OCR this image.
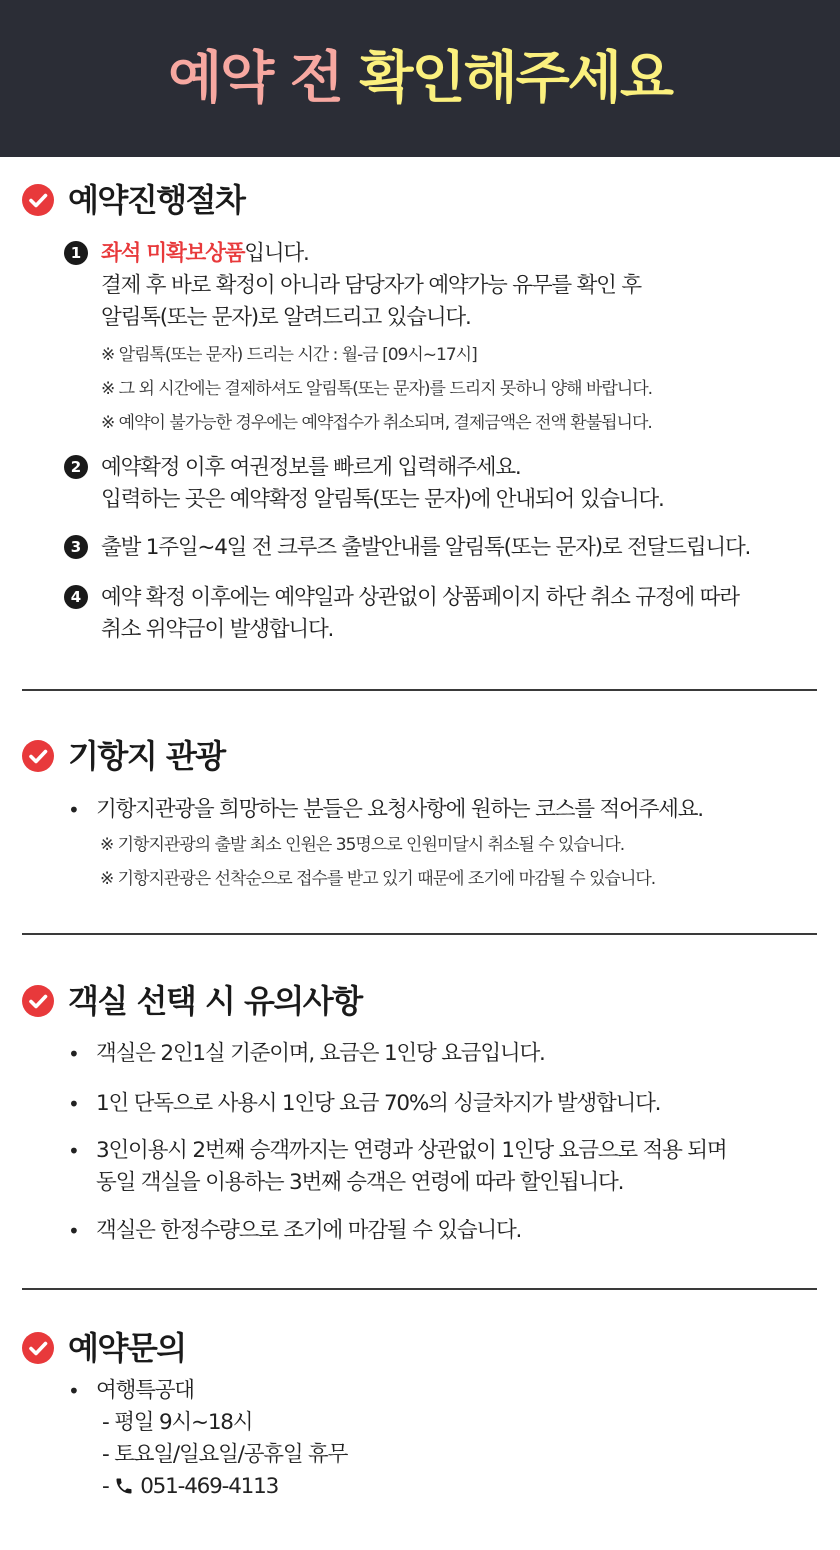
예약 전 확인해주세요
예약진행절차
1 좌석 미확보상품입니다.
결제 후 바로 확정이 아니라 담당자가 예약가능 유무를 확인 후
알림톡(또는 문자)로 알려드리고 있습니다.
※ 알림톡(또는 문자) 드리는 시간 : 월-금 [09시~17시]
※ 그 외 시간에는 결제하셔도 알림톡(또는 문자)를 드리지 못하니 양해 바랍니다.
※ 예약이 불가능한 경우에는 예약접수가 취소되며, 결제금액은 전액 환불됩니다.
2 예약확정 이후 여권정보를 빠르게 입력해주세요.
입력하는 곳은 예약확정 알림톡(또는 문자)에 안내되어 있습니다.
3 출발 1주일~4일 전 크루즈 출발안내를 알림톡(또는 문자)로 전달드립니다.
4 예약 확정 이후에는 예약일과 상관없이 상품페이지 하단 취소 규정에 따라
취소 위약금이 발생합니다.
기항지 관광
• 기항지관광을 희망하는 분들은 요청사항에 원하는 코스를 적어주세요.
※ 기항지관광의 출발 최소 인원은 35명으로 인원미달시 취소될 수 있습니다.
※ 기항지관광은 선착순으로 접수를 받고 있기 때문에 조기에 마감될 수 있습니다.
객실 선택 시 유의사항
• 객실은 2인1실 기준이며, 요금은 1인당 요금입니다.
• 1인 단독으로 사용시 1인당 요금 70%의 싱글차지가 발생합니다.
• 3인이용시 2번째 승객까지는 연령과 상관없이 1인당 요금으로 적용 되며
동일 객실을 이용하는 3번째 승객은 연령에 따라 할인됩니다.
• 객실은 한정수량으로 조기에 마감될 수 있습니다.
예약문의
• 여행특공대
- 평일 9시~18시
- 토요일/일요일/공휴일 휴무
- 051-469-4113
